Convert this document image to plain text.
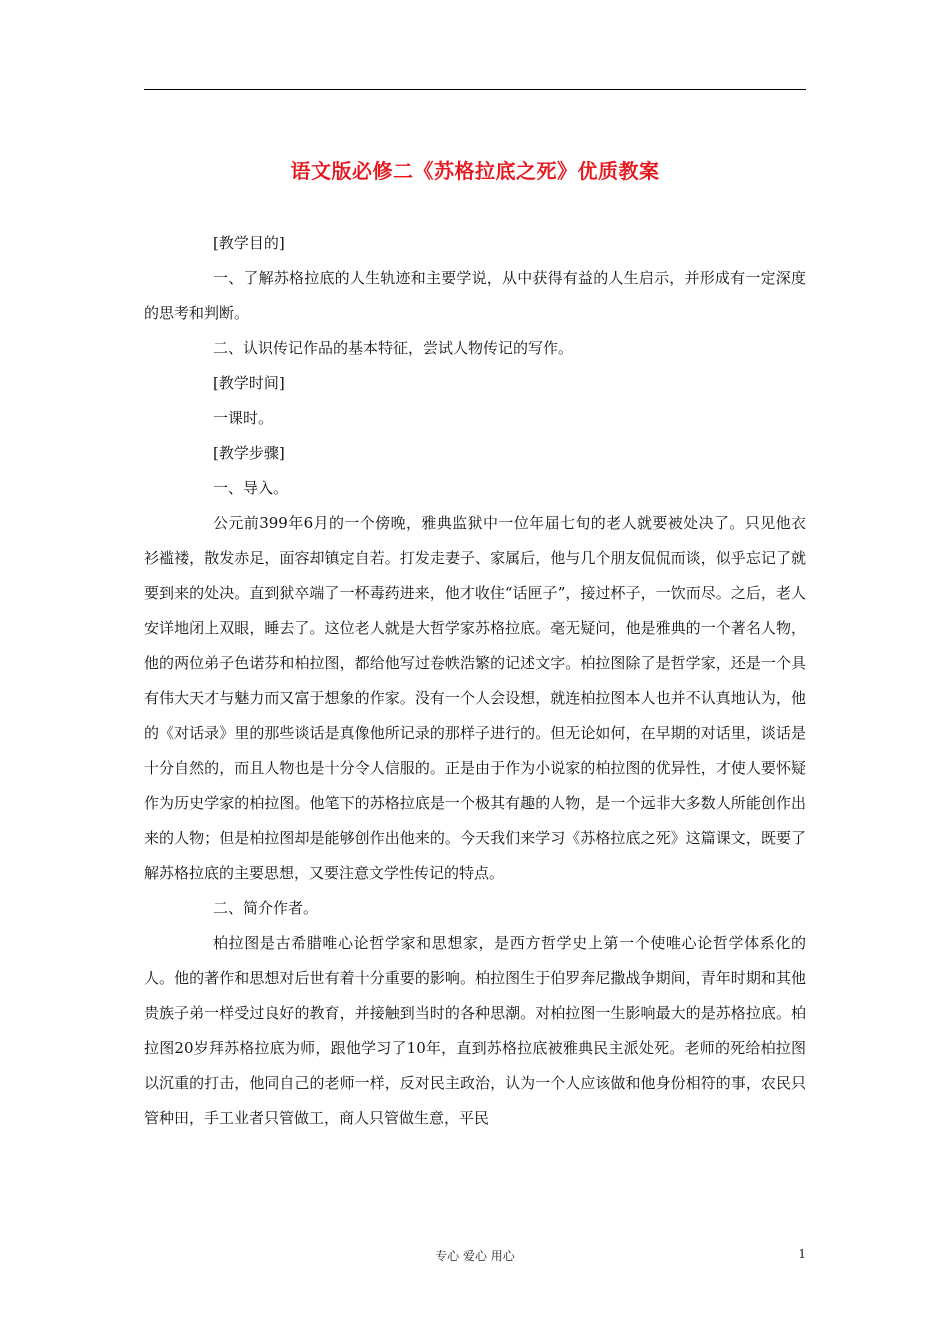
语文版必修二《苏格拉底之死》优质教案

[教学目的]

一、了解苏格拉底的人生轨迹和主要学说，从中获得有益的人生启示，并形成有一定深度的思考和判断。

二、认识传记作品的基本特征，尝试人物传记的写作。

[教学时间]

一课时。

[教学步骤]

一、导入。

公元前399年6月的一个傍晚，雅典监狱中一位年届七旬的老人就要被处决了。只见他衣衫褴褛，散发赤足，面容却镇定自若。打发走妻子、家属后，他与几个朋友侃侃而谈，似乎忘记了就要到来的处决。直到狱卒端了一杯毒药进来，他才收住“话匣子”，接过杯子，一饮而尽。之后，老人安详地闭上双眼，睡去了。这位老人就是大哲学家苏格拉底。毫无疑问，他是雅典的一个著名人物，他的两位弟子色诺芬和柏拉图，都给他写过卷帙浩繁的记述文字。柏拉图除了是哲学家，还是一个具有伟大天才与魅力而又富于想象的作家。没有一个人会设想，就连柏拉图本人也并不认真地认为，他的《对话录》里的那些谈话是真像他所记录的那样子进行的。但无论如何，在早期的对话里，谈话是十分自然的，而且人物也是十分令人信服的。正是由于作为小说家的柏拉图的优异性，才使人要怀疑作为历史学家的柏拉图。他笔下的苏格拉底是一个极其有趣的人物，是一个远非大多数人所能创作出来的人物；但是柏拉图却是能够创作出他来的。今天我们来学习《苏格拉底之死》这篇课文，既要了解苏格拉底的主要思想，又要注意文学性传记的特点。

二、简介作者。

柏拉图是古希腊唯心论哲学家和思想家，是西方哲学史上第一个使唯心论哲学体系化的人。他的著作和思想对后世有着十分重要的影响。柏拉图生于伯罗奔尼撒战争期间，青年时期和其他贵族子弟一样受过良好的教育，并接触到当时的各种思潮。对柏拉图一生影响最大的是苏格拉底。柏拉图20岁拜苏格拉底为师，跟他学习了10年，直到苏格拉底被雅典民主派处死。老师的死给柏拉图以沉重的打击，他同自己的老师一样，反对民主政治，认为一个人应该做和他身份相符的事，农民只管种田，手工业者只管做工，商人只管做生意，平民

专心 爱心 用心	1
